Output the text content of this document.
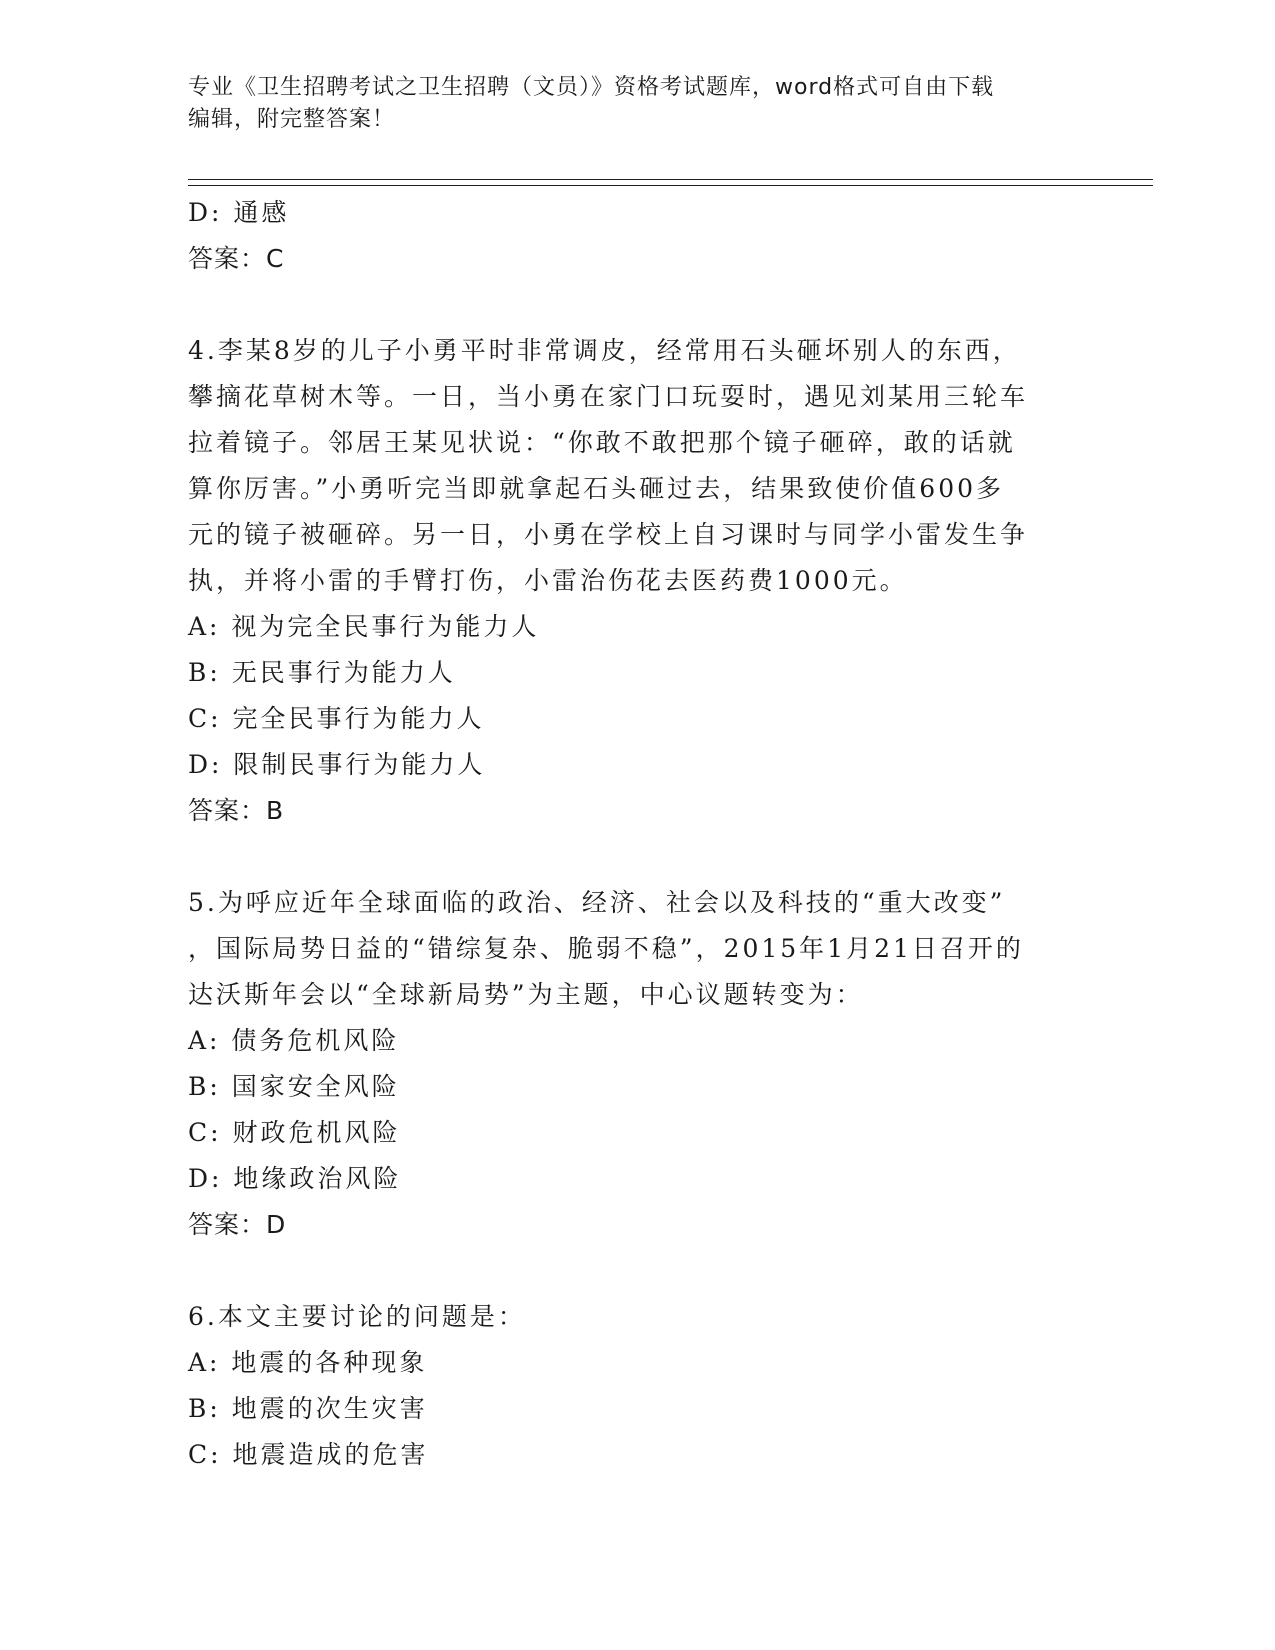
专业《卫生招聘考试之卫生招聘（文员）》资格考试题库，word格式可自由下载
编辑，附完整答案！
D: 通感
答案：C
4.李某8岁的儿子小勇平时非常调皮，经常用石头砸坏别人的东西，
攀摘花草树木等。一日，当小勇在家门口玩耍时，遇见刘某用三轮车
拉着镜子。邻居王某见状说：“你敢不敢把那个镜子砸碎，敢的话就
算你厉害。”小勇听完当即就拿起石头砸过去，结果致使价值600多
元的镜子被砸碎。另一日，小勇在学校上自习课时与同学小雷发生争
执，并将小雷的手臂打伤，小雷治伤花去医药费1000元。
A: 视为完全民事行为能力人
B: 无民事行为能力人
C: 完全民事行为能力人
D: 限制民事行为能力人
答案：B
5.为呼应近年全球面临的政治、经济、社会以及科技的“重大改变”
，国际局势日益的“错综复杂、脆弱不稳”，2015年1月21日召开的
达沃斯年会以“全球新局势”为主题，中心议题转变为：
A: 债务危机风险
B: 国家安全风险
C: 财政危机风险
D: 地缘政治风险
答案：D
6.本文主要讨论的问题是：
A: 地震的各种现象
B: 地震的次生灾害
C: 地震造成的危害
